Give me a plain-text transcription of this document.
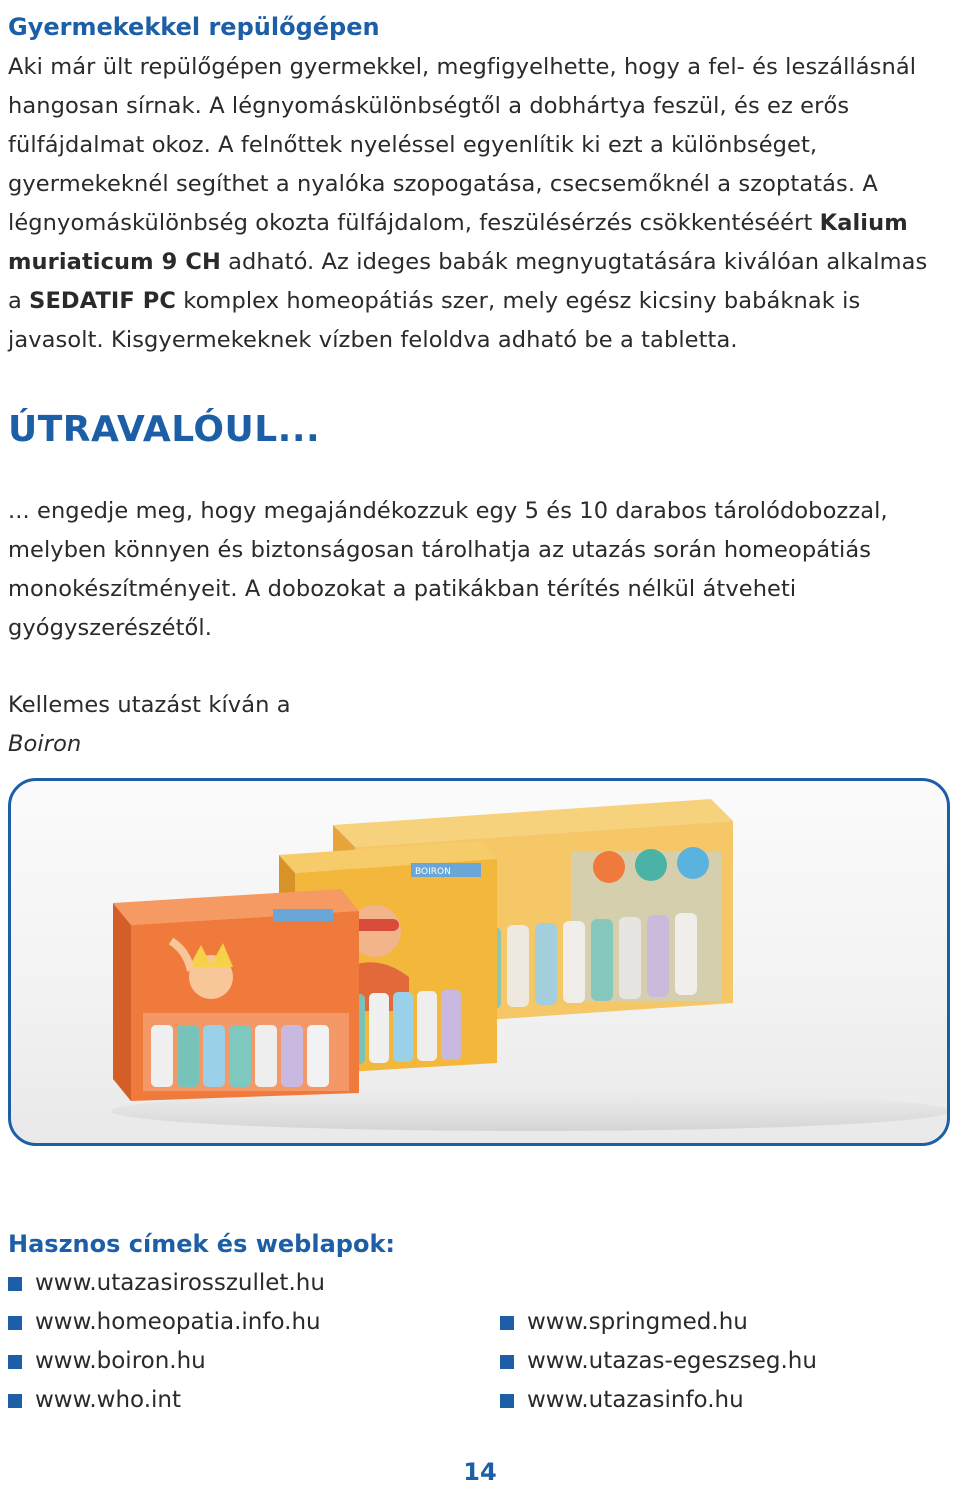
Gyermekekkel repülőgépen

Aki már ült repülőgépen gyermekkel, megfigyelhette, hogy a fel- és leszállásnál hangosan sírnak. A légnyomáskülönbségtől a dobhártya feszül, és ez erős fülfájdalmat okoz. A felnőttek nyeléssel egyenlítik ki ezt a különbséget, gyermekeknél segíthet a nyalóka szopogatása, csecsemőknél a szoptatás. A légnyomáskülönbség okozta fülfájdalom, feszülésérzés csökkentéséért Kalium muriaticum 9 CH adható. Az ideges babák megnyugtatására kiválóan alkalmas a SEDATIF PC komplex homeopátiás szer, mely egész kicsiny babáknak is javasolt. Kisgyermekeknek vízben feloldva adható be a tabletta.

ÚTRAVALÓUL...

... engedje meg, hogy megajándékozzuk egy 5 és 10 darabos tárolódobozzal, melyben könnyen és biztonságosan tárolhatja az utazás során homeopátiás monokészítményeit. A dobozokat a patikákban térítés nélkül átveheti gyógyszerészétől.

Kellemes utazást kíván a
Boiron

BOIRON
Hasznos címek és weblapok:
www.utazasirosszullet.hu
www.homeopatia.info.hu
www.boiron.hu
www.who.int
www.springmed.hu
www.utazas-egeszseg.hu
www.utazasinfo.hu
14
